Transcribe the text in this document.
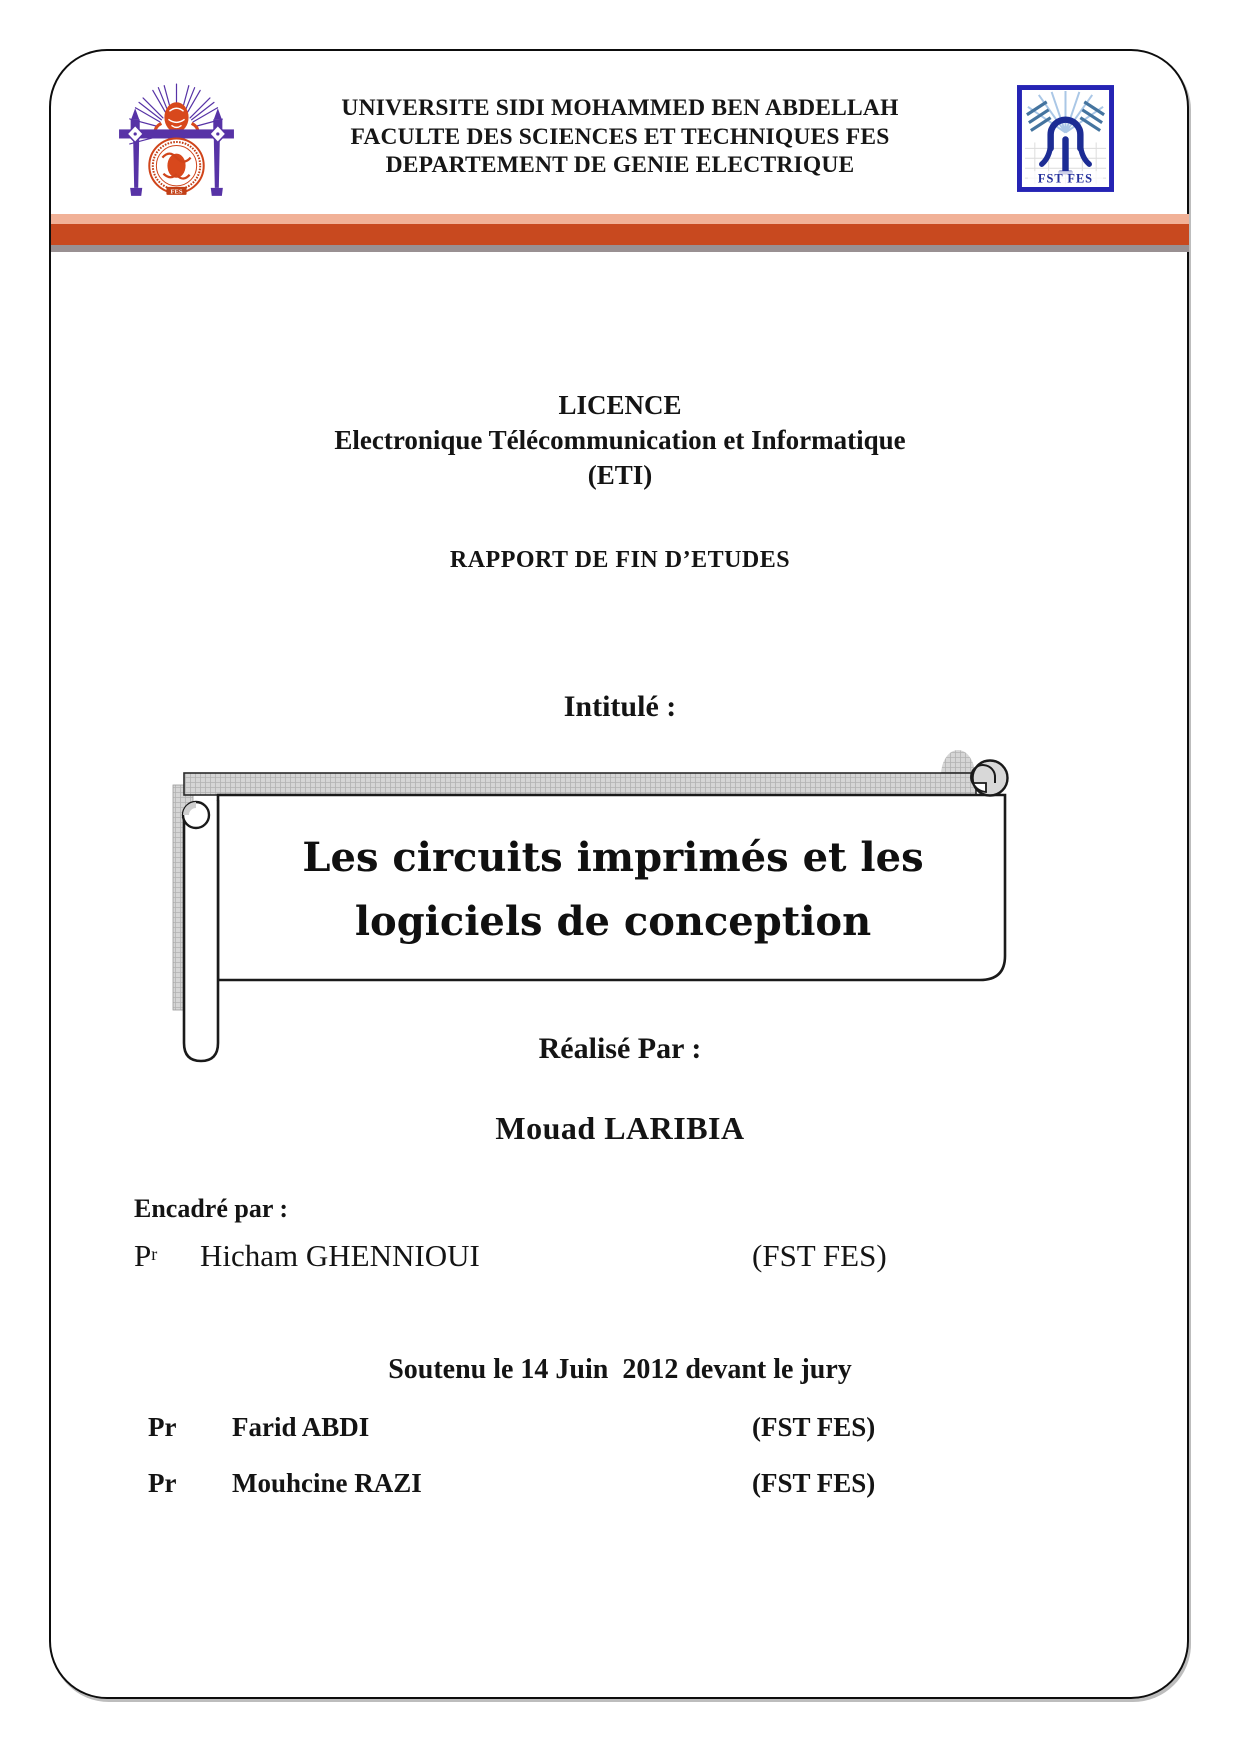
FES
UNIVERSITE SIDI MOHAMMED BEN ABDELLAH
FACULTE DES SCIENCES ET TECHNIQUES FES
DEPARTEMENT DE GENIE ELECTRIQUE
FST FES
LICENCE
Electronique Télécommunication et Informatique
(ETI)
RAPPORT DE FIN D’ETUDES
Intitulé :
Les circuits imprimés et les
logiciels de conception
Réalisé Par :
Mouad LARIBIA
Encadré par :
$P^r$ Hicham GHENNIOUI	(FST FES)
Soutenu le 14 Juin  2012 devant le jury
Pr Farid ABDI	(FST FES)
Pr Mouhcine RAZI	(FST FES)
